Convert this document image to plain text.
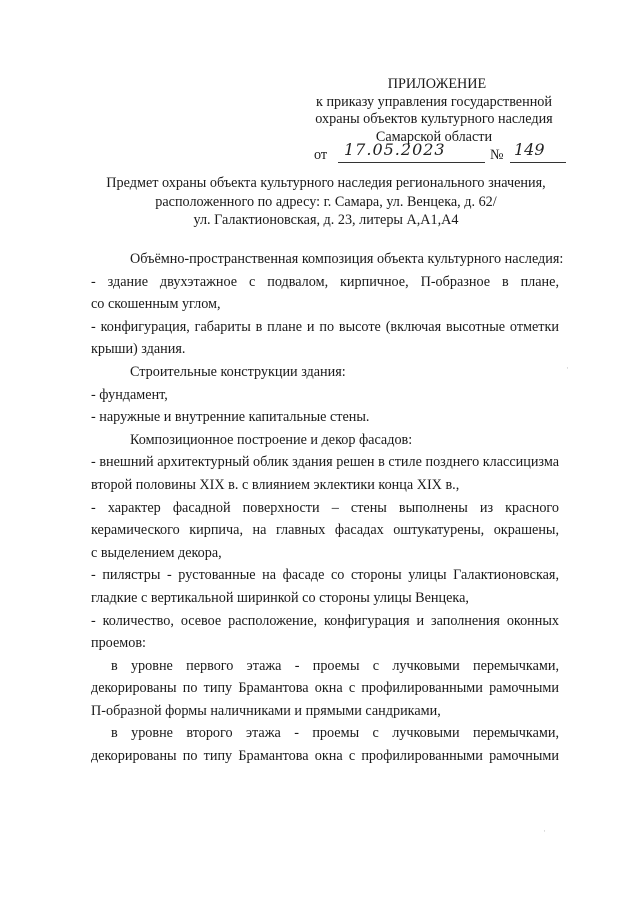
ПРИЛОЖЕНИЕ
к приказу управления государственной
охраны объектов культурного наследия
Самарской области
от 17.05.2023	№ 149
Предмет охраны объекта культурного наследия регионального значения,
расположенного по адресу: г. Самара, ул. Венцека, д. 62/
ул. Галактионовская, д. 23, литеры А,А1,А4

Объёмно-пространственная композиция объекта культурного наследия:

- здание двухэтажное с подвалом, кирпичное, П-образное в плане,

со скошенным углом,

- конфигурация, габариты в плане и по высоте (включая высотные отметки

крыши) здания.

Строительные конструкции здания:

- фундамент,

- наружные и внутренние капитальные стены.

Композиционное построение и декор фасадов:

- внешний архитектурный облик здания решен в стиле позднего классицизма

второй половины XIX в. с влиянием эклектики конца XIX в.,

- характер фасадной поверхности – стены выполнены из красного

керамического кирпича, на главных фасадах оштукатурены, окрашены,

с выделением декора,

- пилястры - рустованные на фасаде со стороны улицы Галактионовская,

гладкие с вертикальной ширинкой со стороны улицы Венцека,

- количество, осевое расположение, конфигурация и заполнения оконных

проемов:

в уровне первого этажа - проемы с лучковыми перемычками,

декорированы по типу Брамантова окна с профилированными рамочными

П-образной формы наличниками и прямыми сандриками,

в уровне второго этажа - проемы с лучковыми перемычками,

декорированы по типу Брамантова окна с профилированными рамочными

·
·
